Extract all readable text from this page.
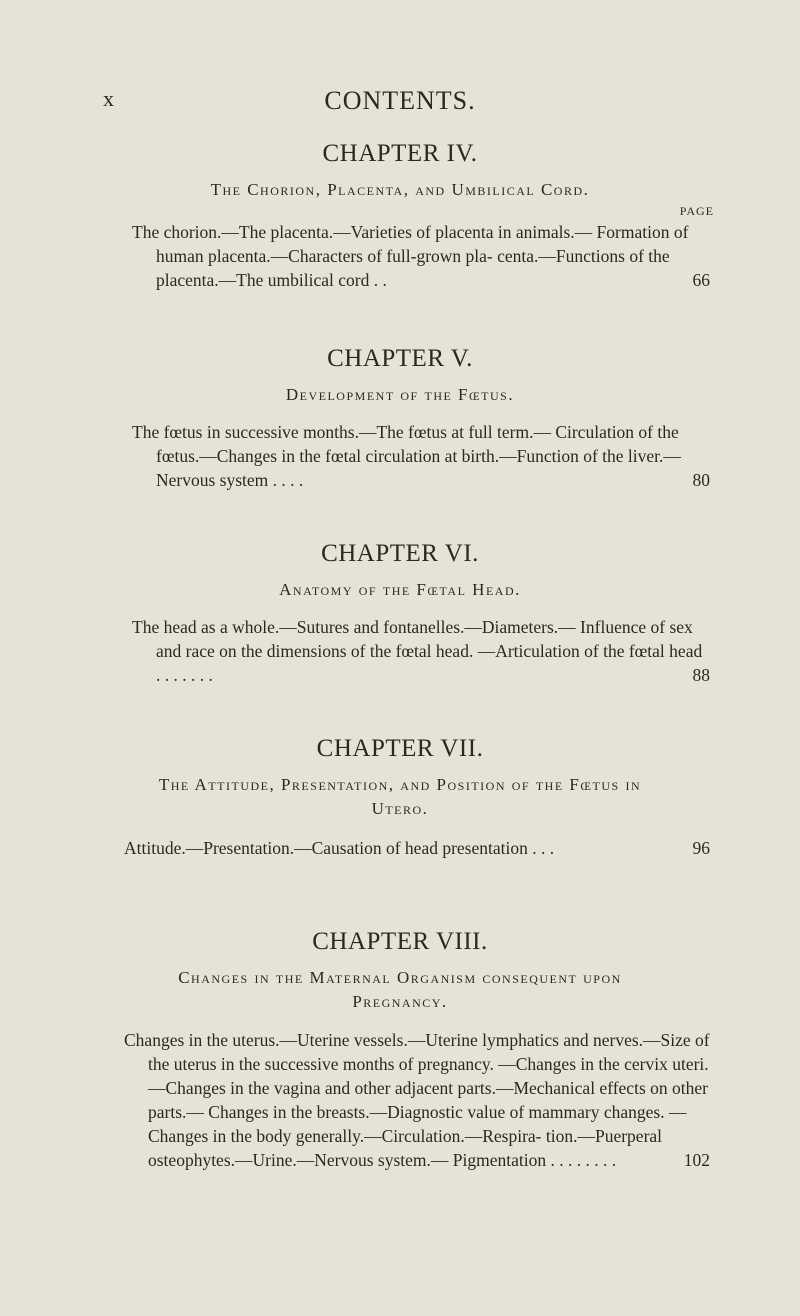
x	CONTENTS.
CHAPTER IV.
The Chorion, Placenta, and Umbilical Cord.
PAGE

The chorion.—The placenta.—Varieties of placenta in animals.— Formation of human placenta.—Characters of full-grown pla- centa.—Functions of the placenta.—The umbilical cord . .	66
CHAPTER V.
Development of the Fœtus.

The fœtus in successive months.—The fœtus at full term.— Circulation of the fœtus.—Changes in the fœtal circulation at birth.—Function of the liver.—Nervous system . . . .	80
CHAPTER VI.
Anatomy of the Fœtal Head.

The head as a whole.—Sutures and fontanelles.—Diameters.— Influence of sex and race on the dimensions of the fœtal head. —Articulation of the fœtal head . . . . . . .	88
CHAPTER VII.
The Attitude, Presentation, and Position of the Fœtus in Utero.

Attitude.—Presentation.—Causation of head presentation . . .	96
CHAPTER VIII.
Changes in the Maternal Organism consequent upon Pregnancy.

Changes in the uterus.—Uterine vessels.—Uterine lymphatics and nerves.—Size of the uterus in the successive months of pregnancy. —Changes in the cervix uteri.—Changes in the vagina and other adjacent parts.—Mechanical effects on other parts.— Changes in the breasts.—Diagnostic value of mammary changes. —Changes in the body generally.—Circulation.—Respira- tion.—Puerperal osteophytes.—Urine.—Nervous system.— Pigmentation . . . . . . . .	102
